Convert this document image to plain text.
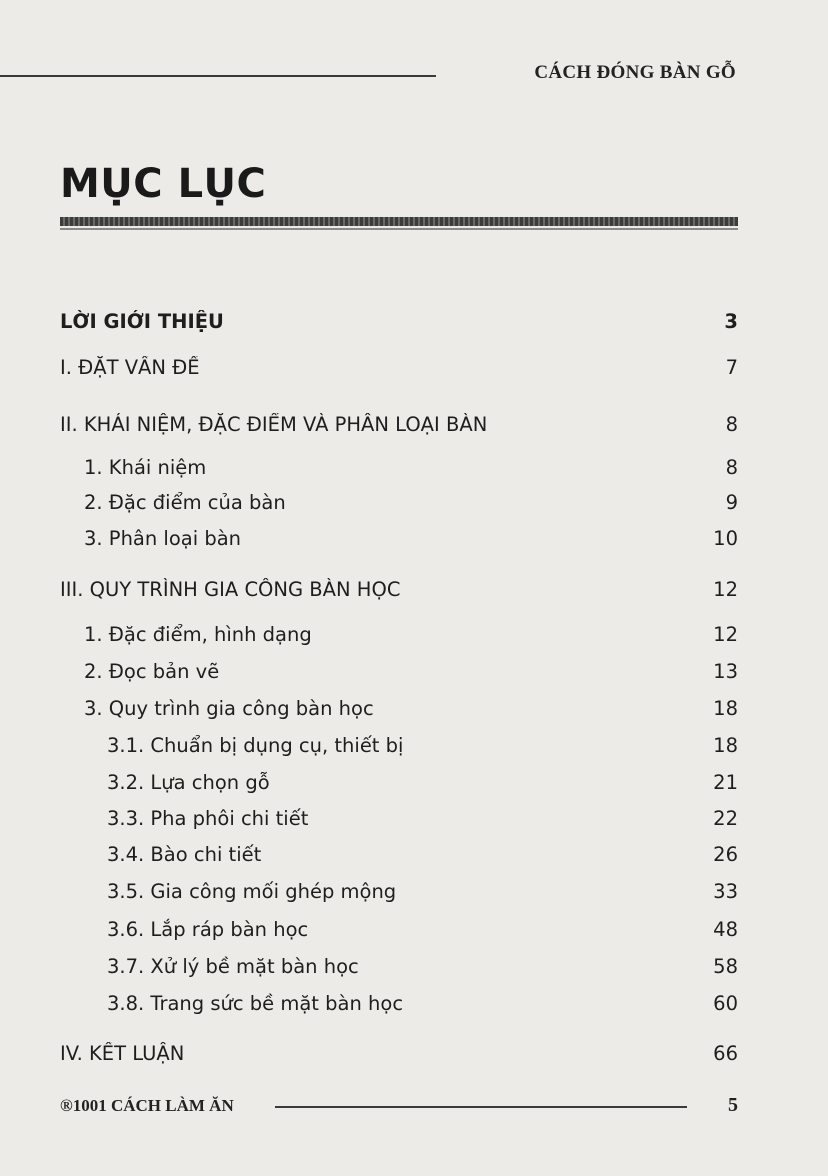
CÁCH ĐÓNG BÀN GỖ
MỤC LỤC
LỜI GIỚI THIỆU	3
I. ĐẶT VẤN ĐỀ	7
II. KHÁI NIỆM, ĐẶC ĐIỂM VÀ PHÂN LOẠI BÀN	8
1. Khái niệm	8
2. Đặc điểm của bàn	9
3. Phân loại bàn	10
III. QUY TRÌNH GIA CÔNG BÀN HỌC	12
1. Đặc điểm, hình dạng	12
2. Đọc bản vẽ	13
3. Quy trình gia công bàn học	18
3.1. Chuẩn bị dụng cụ, thiết bị	18
3.2. Lựa chọn gỗ	21
3.3. Pha phôi chi tiết	22
3.4. Bào chi tiết	26
3.5. Gia công mối ghép mộng	33
3.6. Lắp ráp bàn học	48
3.7. Xử lý bề mặt bàn học	58
3.8. Trang sức bề mặt bàn học	60
IV. KẾT LUẬN	66
®1001 CÁCH LÀM ĂN	5
